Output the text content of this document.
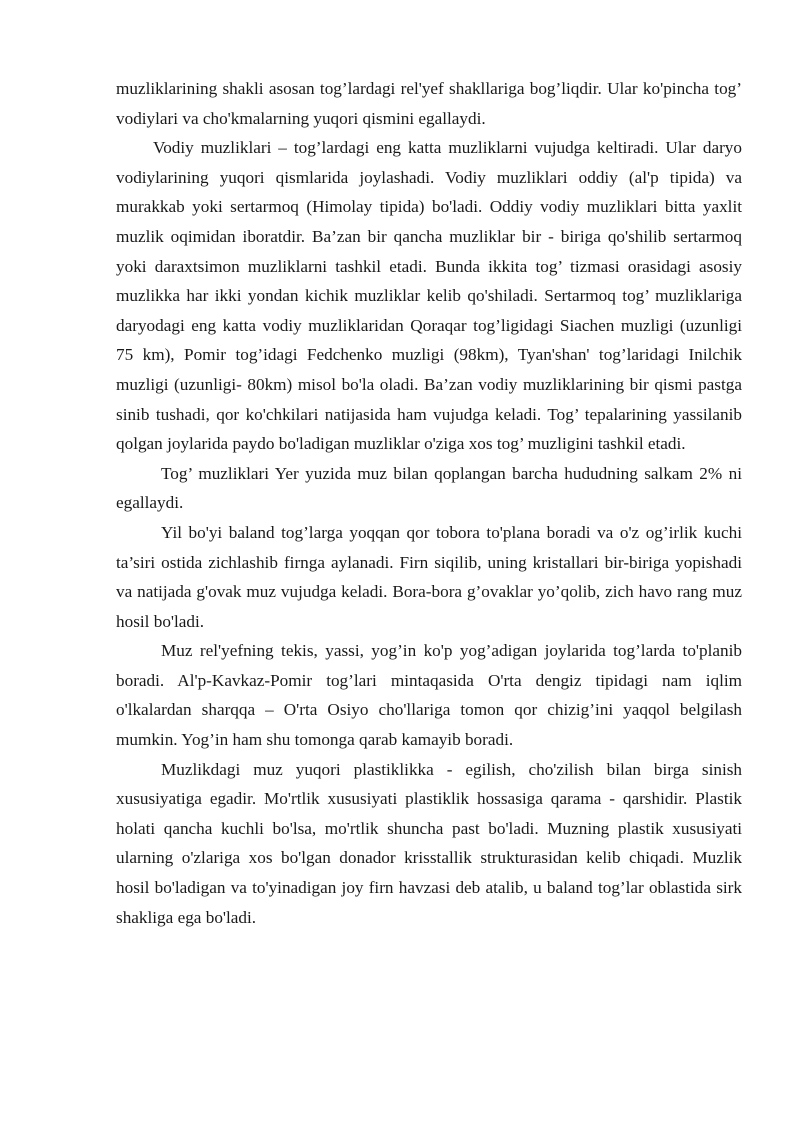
muzliklarining shakli asosan tog’lardagi rel'yef shakllariga bog’liqdir. Ular ko'pincha tog’ vodiylari va cho'kmalarning yuqori qismini egallaydi.

Vodiy muzliklari – tog’lardagi eng katta muzliklarni vujudga keltiradi. Ular daryo vodiylarining yuqori qismlarida joylashadi. Vodiy muzliklari oddiy (al'p tipida) va murakkab yoki sertarmoq (Himolay tipida) bo'ladi. Oddiy vodiy muzliklari bitta yaxlit muzlik oqimidan iboratdir. Ba’zan bir qancha muzliklar bir - biriga qo'shilib sertarmoq yoki daraxtsimon muzliklarni tashkil etadi. Bunda ikkita tog’ tizmasi orasidagi asosiy muzlikka har ikki yondan kichik muzliklar kelib qo'shiladi. Sertarmoq tog’ muzliklariga daryodagi eng katta vodiy muzliklaridan Qoraqar tog’ligidagi Siachen muzligi (uzunligi 75 km), Pomir tog’idagi Fedchenko muzligi (98km), Tyan'shan' tog’laridagi Inilchik muzligi (uzunligi- 80km) misol bo'la oladi. Ba’zan vodiy muzliklarining bir qismi pastga sinib tushadi, qor ko'chkilari natijasida ham vujudga keladi. Tog’ tepalarining yassilanib qolgan joylarida paydo bo'ladigan muzliklar o'ziga xos tog’ muzligini tashkil etadi.

Tog’ muzliklari Yer yuzida muz bilan qoplangan barcha hududning salkam 2% ni egallaydi.

Yil bo'yi baland tog’larga yoqqan qor tobora to'plana boradi va o'z og’irlik kuchi ta’siri ostida zichlashib firnga aylanadi. Firn siqilib, uning kristallari bir-biriga yopishadi va natijada g'ovak muz vujudga keladi. Bora-bora g’ovaklar yo’qolib, zich havo rang muz hosil bo'ladi.

Muz rel'yefning tekis, yassi, yog’in ko'p yog’adigan joylarida tog’larda to'planib boradi. Al'p-Kavkaz-Pomir tog’lari mintaqasida O'rta dengiz tipidagi nam iqlim o'lkalardan sharqqa – O'rta Osiyo cho'llariga tomon qor chizig’ini yaqqol belgilash mumkin. Yog’in ham shu tomonga qarab kamayib boradi.

Muzlikdagi muz yuqori plastiklikka - egilish, cho'zilish bilan birga sinish xususiyatiga egadir. Mo'rtlik xususiyati plastiklik hossasiga qarama - qarshidir. Plastik holati qancha kuchli bo'lsa, mo'rtlik shuncha past bo'ladi. Muzning plastik xususiyati ularning o'zlariga xos bo'lgan donador krisstallik strukturasidan kelib chiqadi. Muzlik hosil bo'ladigan va to'yinadigan joy firn havzasi deb atalib, u baland tog’lar oblastida sirk shakliga ega bo'ladi.
